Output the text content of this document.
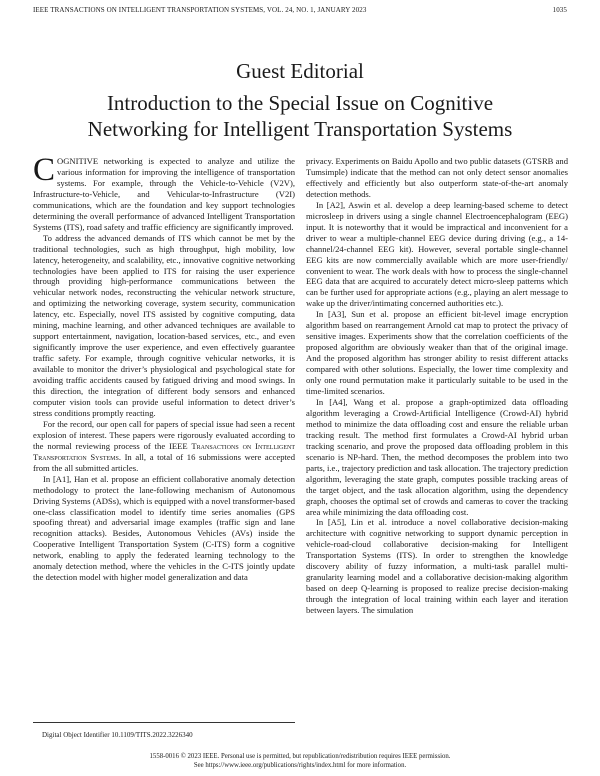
IEEE TRANSACTIONS ON INTELLIGENT TRANSPORTATION SYSTEMS, VOL. 24, NO. 1, JANUARY 2023	1035
Guest Editorial
Introduction to the Special Issue on Cognitive
Networking for Intelligent Transportation Systems

COGNITIVE networking is expected to analyze and utilize the various information for improving the intelligence of transportation systems. For example, through the Vehicle-to-Vehicle (V2V), Infrastructure-to-Vehicle, and Vehicular-to-Infrastructure (V2I) communications, which are the foundation and key support technologies determining the overall performance of advanced Intelligent Transportation Systems (ITS), road safety and traffic efficiency are significantly improved.

To address the advanced demands of ITS which cannot be met by the traditional technologies, such as high throughput, high mobility, low latency, heterogeneity, and scalability, etc., innovative cognitive networking technologies have been applied to ITS for raising the user experience through providing high-performance communications between the vehicular network nodes, reconstructing the vehicular network structure, and optimizing the networking coverage, system security, communication latency, etc. Especially, novel ITS assisted by cognitive computing, data mining, machine learning, and other advanced techniques are available to support entertainment, navigation, location-based services, etc., and even significantly improve the user experience, and even effectively guarantee traffic safety. For example, through cognitive vehicular networks, it is available to monitor the driver’s physiological and psychological state for avoiding traffic accidents caused by fatigued driving and mood swings. In this direction, the integration of different body sensors and enhanced computer vision tools can provide useful information to detect driver’s stress conditions promptly reacting.

For the record, our open call for papers of special issue had seen a recent explosion of interest. These papers were rigorously evaluated according to the normal reviewing process of the IEEE Transactions on Intelligent Transportation Systems. In all, a total of 16 submissions were accepted from the all submitted articles.

In [A1], Han et al. propose an efficient collaborative anomaly detection methodology to protect the lane-following mechanism of Autonomous Driving Systems (ADSs), which is equipped with a novel transformer-based one-class classification model to identify time series anomalies (GPS spoofing threat) and adversarial image examples (traffic sign and lane recognition attacks). Besides, Autonomous Vehicles (AVs) inside the Cooperative Intelligent Transportation System (C-ITS) form a cognitive network, enabling to apply the federated learning technology to the anomaly detection method, where the vehicles in the C-ITS jointly update the detection model with higher model generalization and data

Digital Object Identifier 10.1109/TITS.2022.3226340

privacy. Experiments on Baidu Apollo and two public datasets (GTSRB and Tumsimple) indicate that the method can not only detect sensor anomalies effectively and efficiently but also outperform state-of-the-art anomaly detection methods.

In [A2], Aswin et al. develop a deep learning-based scheme to detect microsleep in drivers using a single channel Electroencephalogram (EEG) input. It is noteworthy that it would be impractical and inconvenient for a driver to wear a multiple-channel EEG device during driving (e.g., a 14-channel/24-channel EEG kit). However, several portable single-channel EEG kits are now commercially available which are more user-friendly/ convenient to wear. The work deals with how to process the single-channel EEG data that are acquired to accurately detect micro-sleep patterns which can be further used for appropriate actions (e.g., playing an alert message to wake up the driver/intimating concerned authorities etc.).

In [A3], Sun et al. propose an efficient bit-level image encryption algorithm based on rearrangement Arnold cat map to protect the privacy of sensitive images. Experiments show that the correlation coefficients of the proposed algorithm are obviously weaker than that of the original image. And the proposed algorithm has stronger ability to resist different attacks compared with other solutions. Especially, the lower time complexity and only one round permutation make it particularly suitable to be used in the time-limited scenarios.

In [A4], Wang et al. propose a graph-optimized data offloading algorithm leveraging a Crowd-Artificial Intelligence (Crowd-AI) hybrid method to minimize the data offloading cost and ensure the reliable urban tracking result. The method first formulates a Crowd-AI hybrid urban tracking scenario, and prove the proposed data offloading problem in this scenario is NP-hard. Then, the method decomposes the problem into two parts, i.e., trajectory prediction and task allocation. The trajectory prediction algorithm, leveraging the state graph, computes possible tracking areas of the target object, and the task allocation algorithm, using the dependency graph, chooses the optimal set of crowds and cameras to cover the tracking area while minimizing the data offloading cost.

In [A5], Lin et al. introduce a novel collaborative decision-making architecture with cognitive networking to support dynamic perception in vehicle-road-cloud collaborative decision-making for Intelligent Transportation Systems (ITS). In order to strengthen the knowledge discovery ability of fuzzy information, a multi-task parallel multi-granularity learning model and a collaborative decision-making algorithm based on deep Q-learning is proposed to realize precise decision-making through the integration of local training within each layer and iteration between layers. The simulation

1558-0016 © 2023 IEEE. Personal use is permitted, but republication/redistribution requires IEEE permission.
See https://www.ieee.org/publications/rights/index.html for more information.
